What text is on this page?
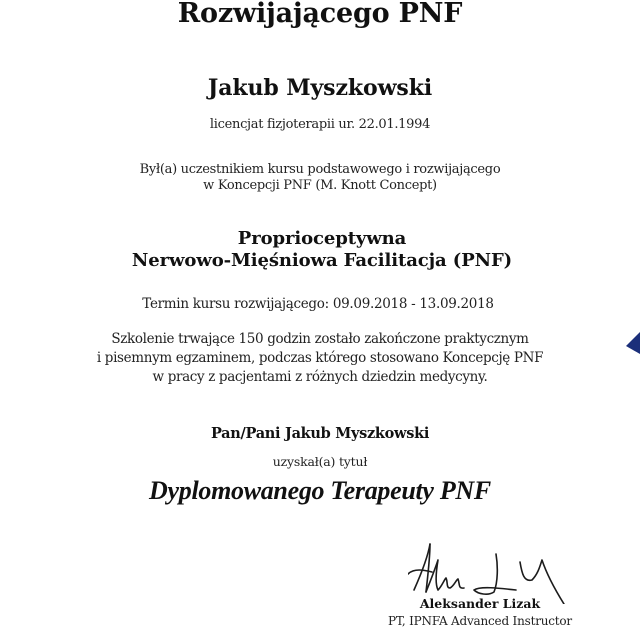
Rozwijającego PNF
Jakub Myszkowski
licencjat fizjoterapii ur. 22.01.1994
Był(a) uczestnikiem kursu podstawowego i rozwijającego
w Koncepcji PNF (M. Knott Concept)
Proprioceptywna
Nerwowo-Mięśniowa Facilitacja (PNF)
Termin kursu rozwijającego: 09.09.2018 - 13.09.2018
Szkolenie trwające 150 godzin zostało zakończone praktycznym
i pisemnym egzaminem, podczas którego stosowano Koncepcję PNF
w pracy z pacjentami z różnych dziedzin medycyny.
Pan/Pani Jakub Myszkowski
uzyskał(a) tytuł
Dyplomowanego Terapeuty PNF
Aleksander Lizak
PT, IPNFA Advanced Instructor
